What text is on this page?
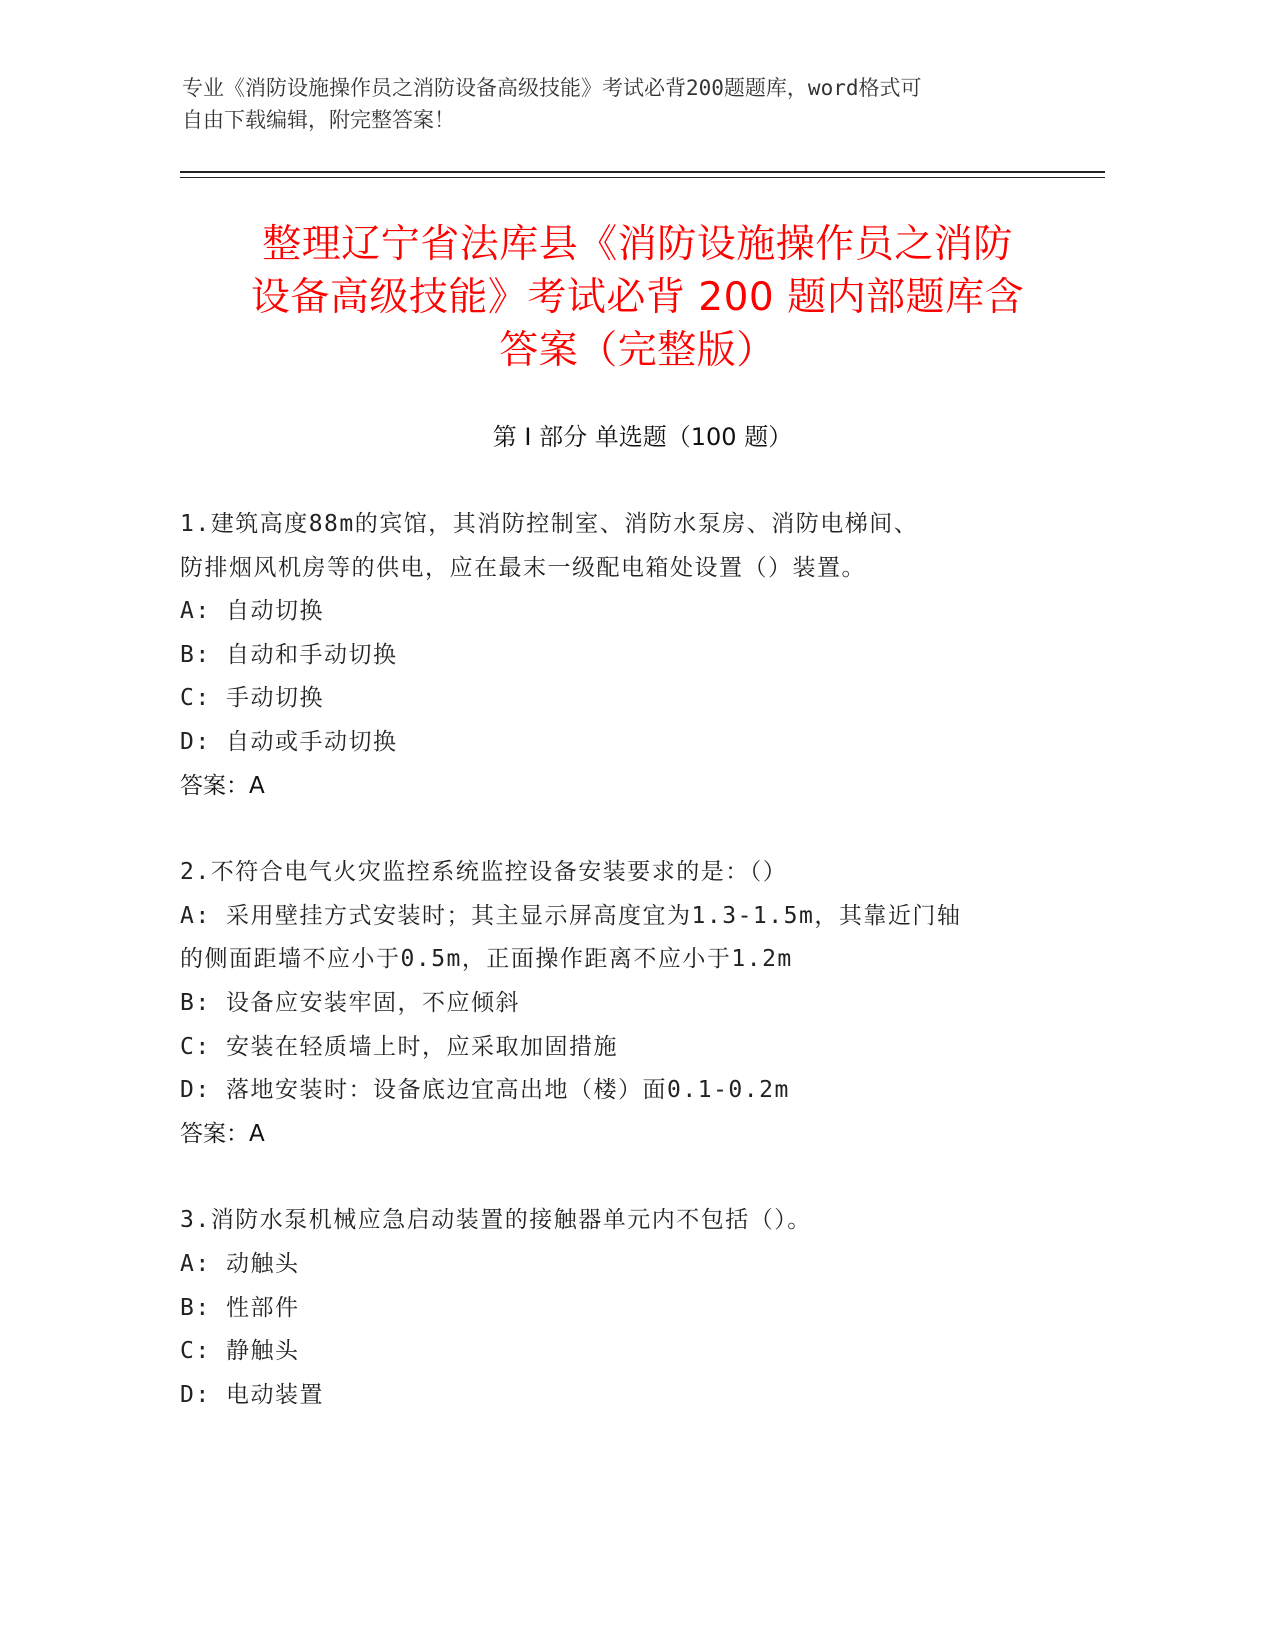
专业《消防设施操作员之消防设备高级技能》考试必背200题题库，word格式可
自由下载编辑，附完整答案！
整理辽宁省法库县《消防设施操作员之消防
设备高级技能》考试必背 200 题内部题库含
答案（完整版）
第 I 部分 单选题（100 题）
1.建筑高度88m的宾馆，其消防控制室、消防水泵房、消防电梯间、
防排烟风机房等的供电，应在最末一级配电箱处设置（）装置。
A: 自动切换
B: 自动和手动切换
C: 手动切换
D: 自动或手动切换
答案：A
2.不符合电气火灾监控系统监控设备安装要求的是：（）
A: 采用壁挂方式安装时；其主显示屏高度宜为1.3-1.5m，其靠近门轴
的侧面距墙不应小于0.5m，正面操作距离不应小于1.2m
B: 设备应安装牢固，不应倾斜
C: 安装在轻质墙上时，应采取加固措施
D: 落地安装时：设备底边宜高出地（楼）面0.1-0.2m
答案：A
3.消防水泵机械应急启动装置的接触器单元内不包括（）。
A: 动触头
B: 性部件
C: 静触头
D: 电动装置
